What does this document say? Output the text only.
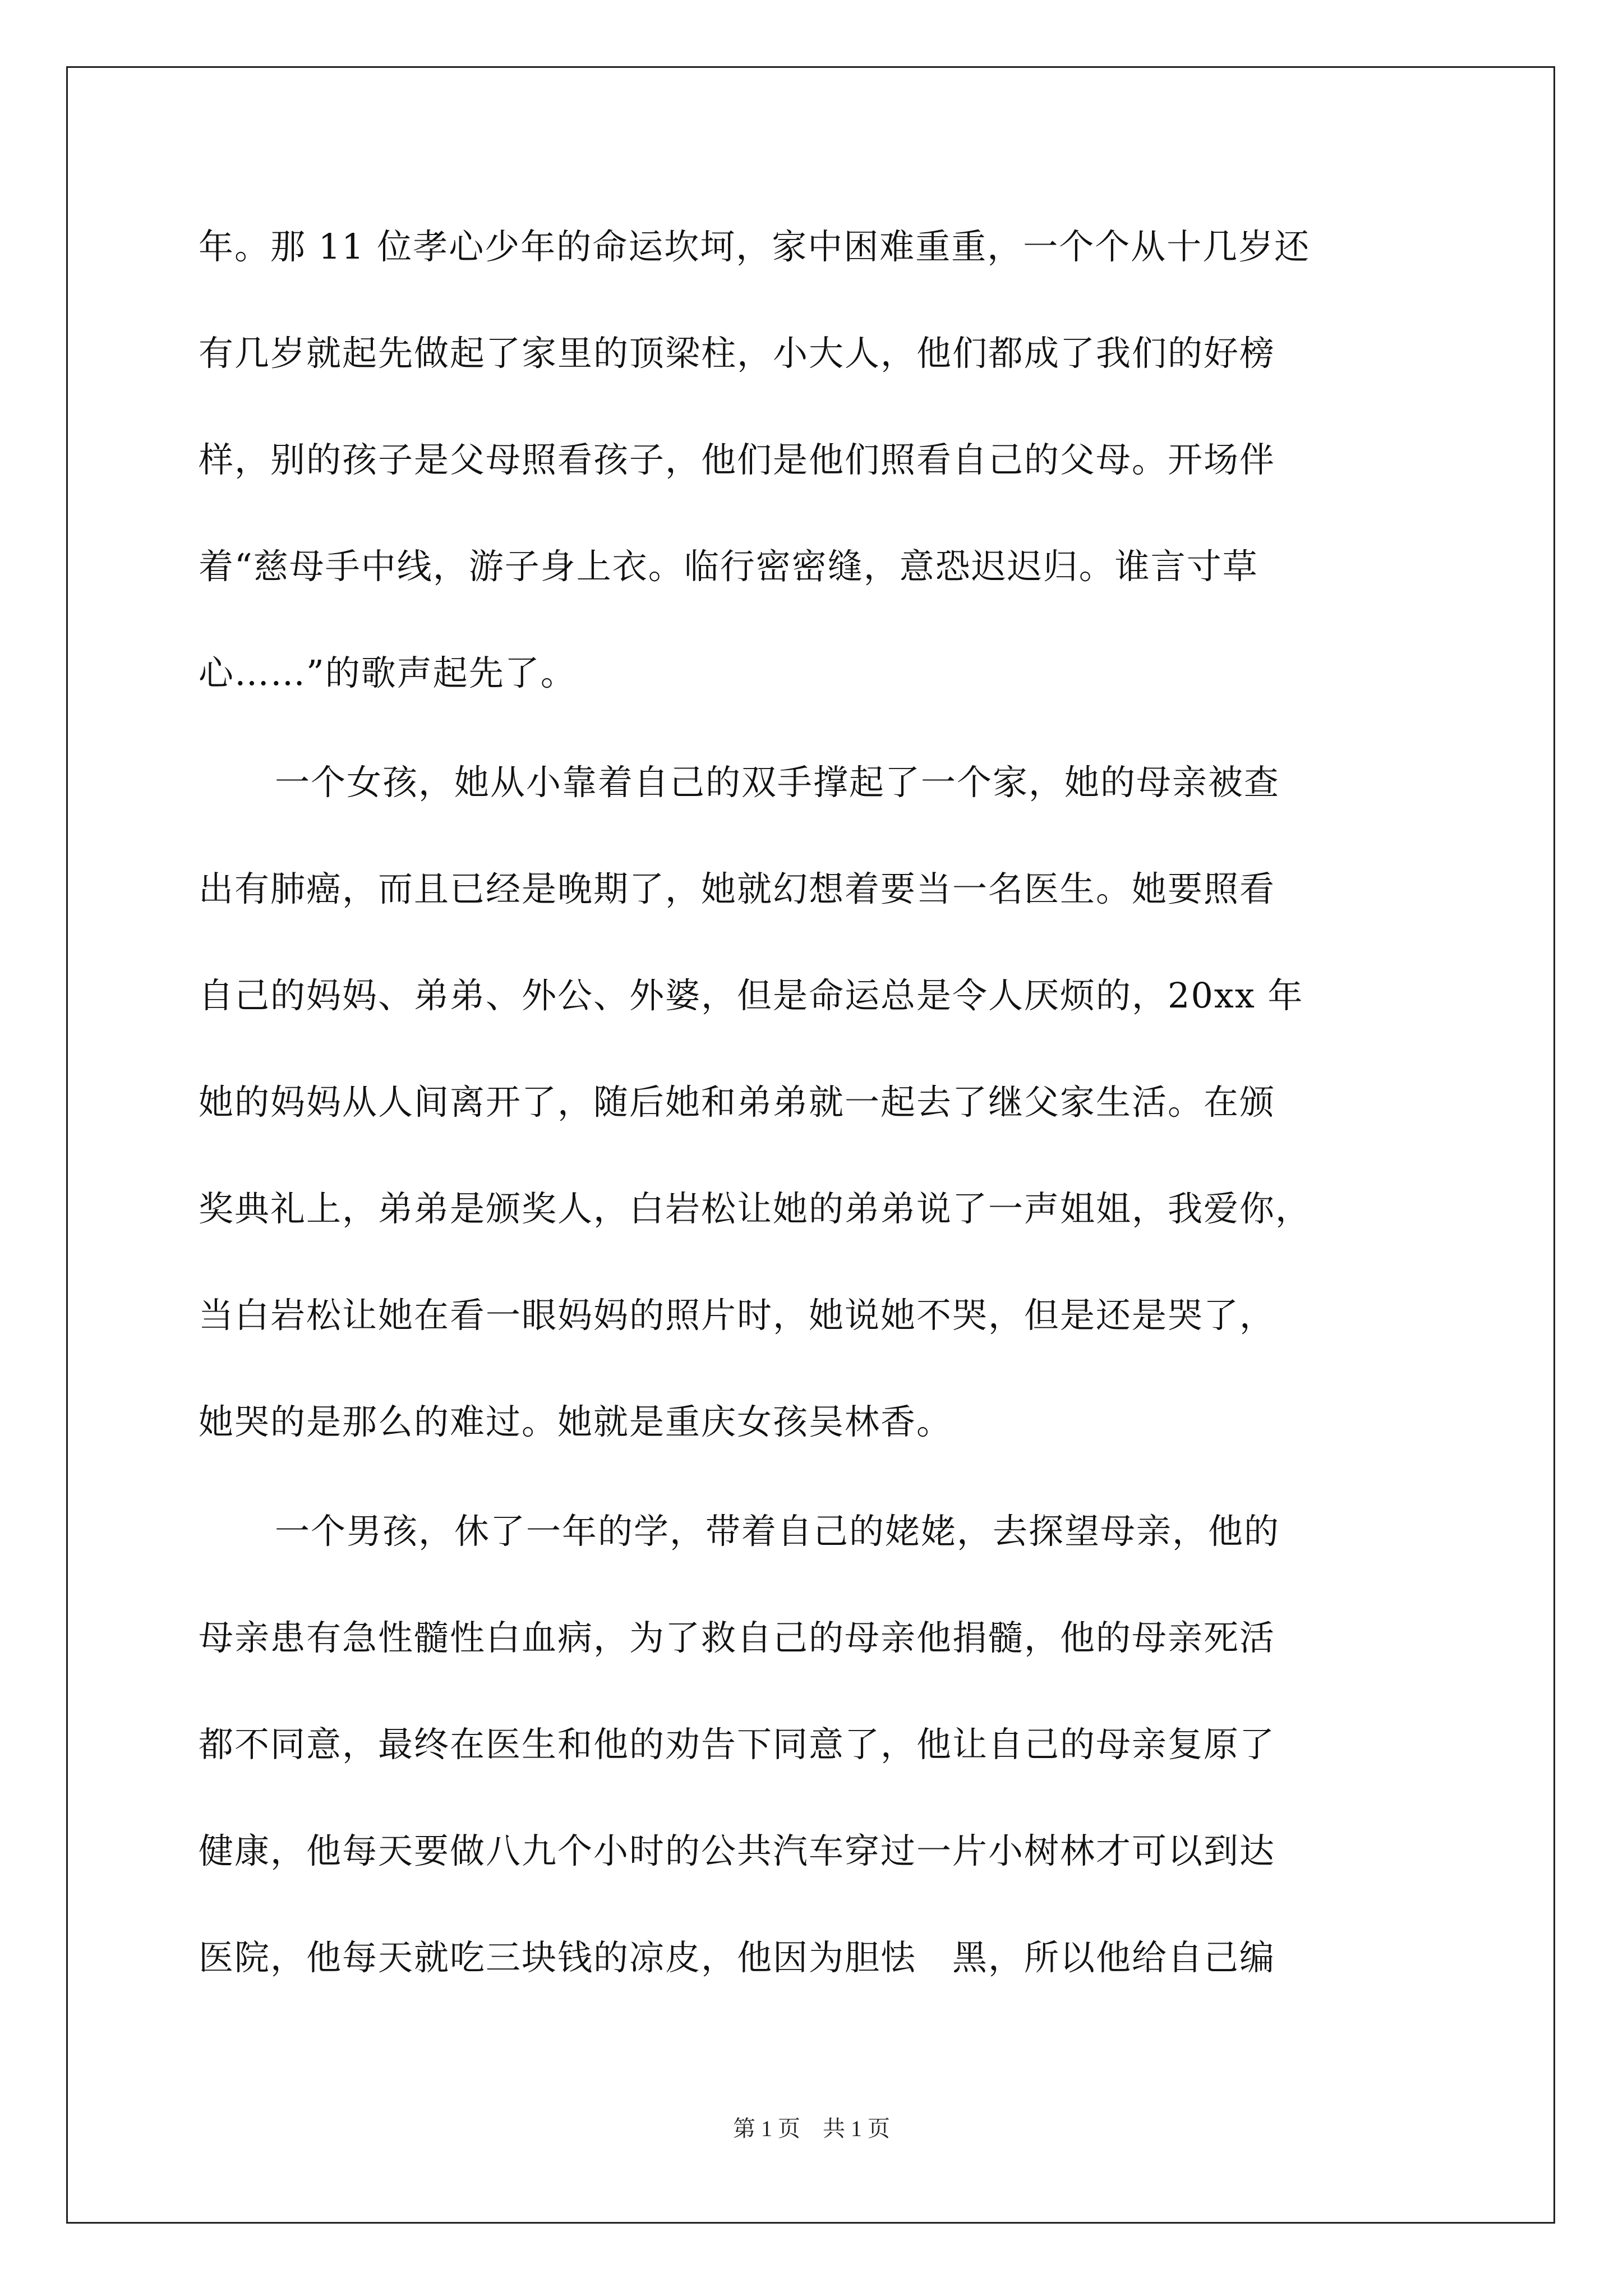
年。那 11 位孝心少年的命运坎坷，家中困难重重，一个个从十几岁还
有几岁就起先做起了家里的顶梁柱，小大人，他们都成了我们的好榜
样，别的孩子是父母照看孩子，他们是他们照看自己的父母。开场伴
着“慈母手中线，游子身上衣。临行密密缝，意恐迟迟归。谁言寸草
心……”的歌声起先了。
一个女孩，她从小靠着自己的双手撑起了一个家，她的母亲被查
出有肺癌，而且已经是晚期了，她就幻想着要当一名医生。她要照看
自己的妈妈、弟弟、外公、外婆，但是命运总是令人厌烦的，20xx 年
她的妈妈从人间离开了，随后她和弟弟就一起去了继父家生活。在颁
奖典礼上，弟弟是颁奖人，白岩松让她的弟弟说了一声姐姐，我爱你，
当白岩松让她在看一眼妈妈的照片时，她说她不哭，但是还是哭了，
她哭的是那么的难过。她就是重庆女孩吴林香。
一个男孩，休了一年的学，带着自己的姥姥，去探望母亲，他的
母亲患有急性髓性白血病，为了救自己的母亲他捐髓，他的母亲死活
都不同意，最终在医生和他的劝告下同意了，他让自己的母亲复原了
健康，他每天要做八九个小时的公共汽车穿过一片小树林才可以到达
医院，他每天就吃三块钱的凉皮，他因为胆怯　黑，所以他给自己编
第 1 页　共 1 页
